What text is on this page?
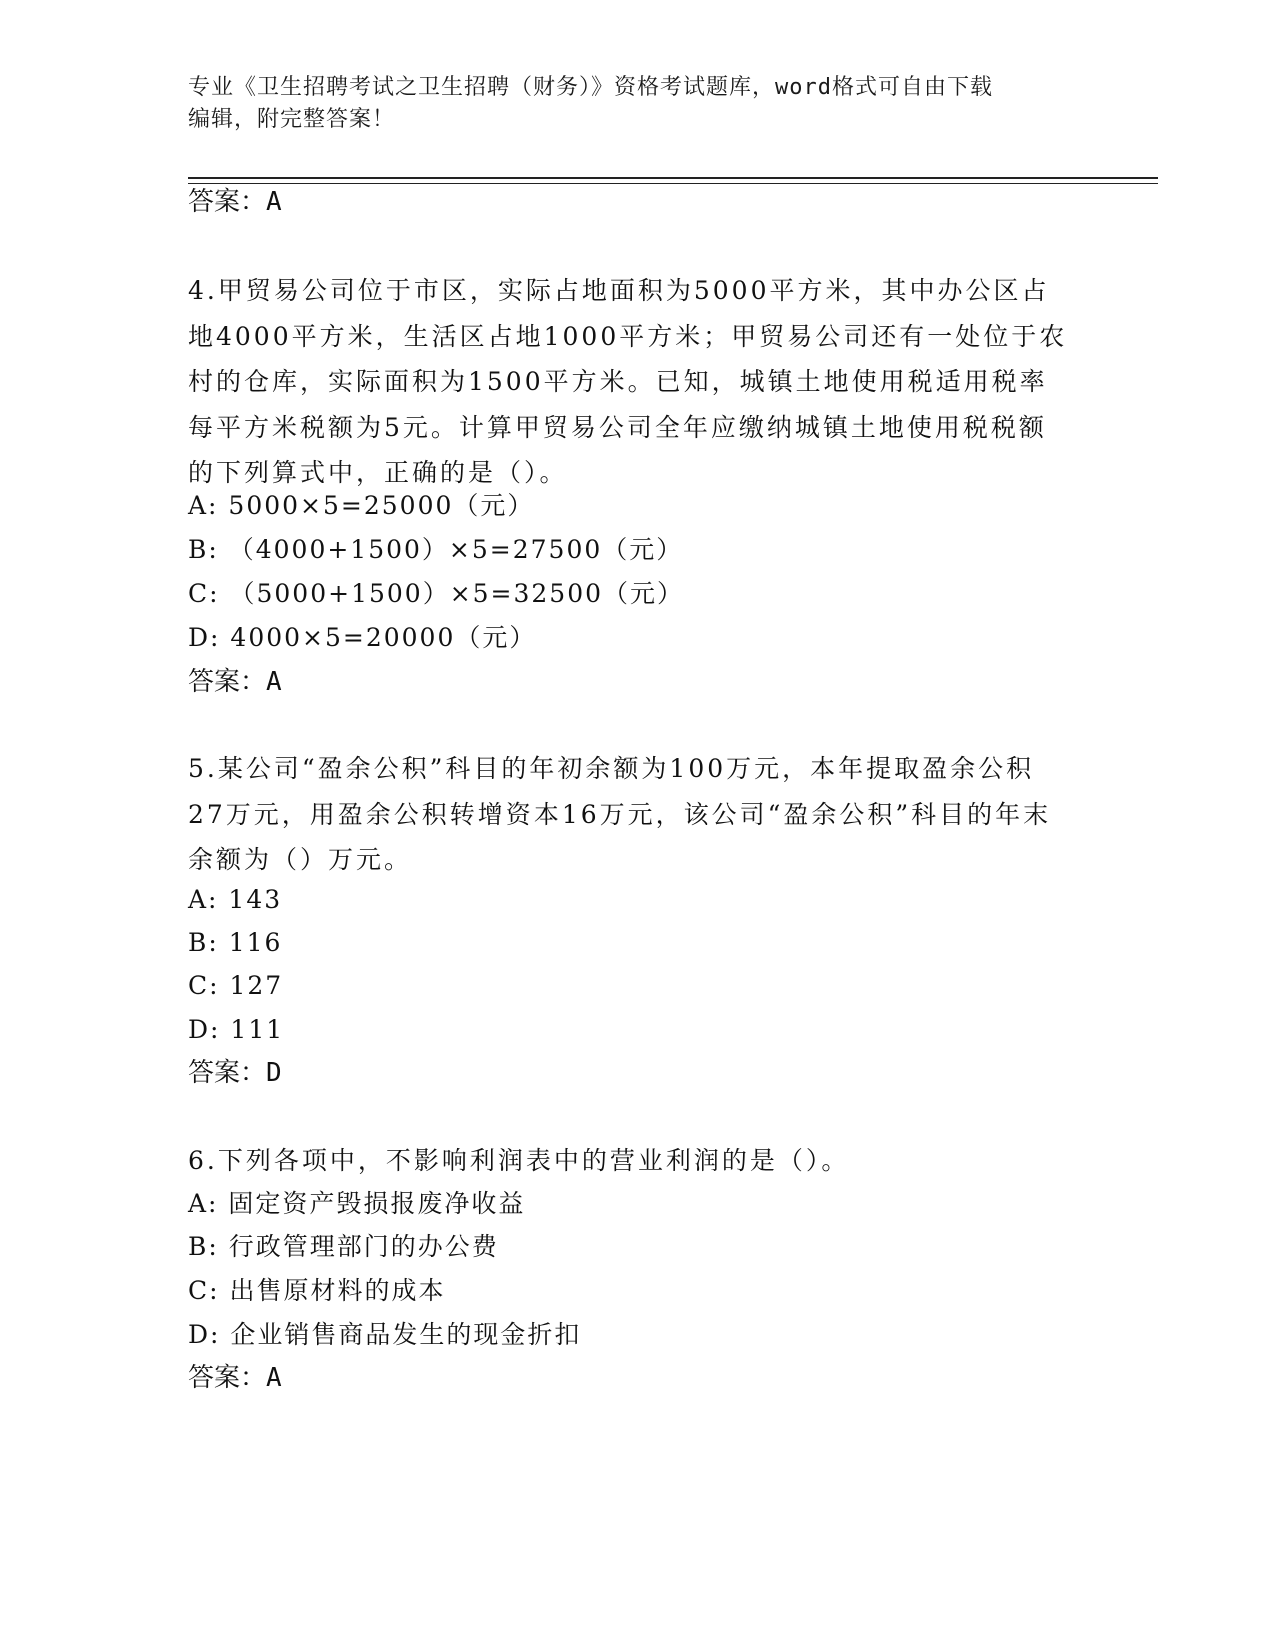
专业《卫生招聘考试之卫生招聘（财务）》资格考试题库，word格式可自由下载
编辑，附完整答案！
答案：A
4.甲贸易公司位于市区，实际占地面积为5000平方米，其中办公区占地4000平方米，生活区占地1000平方米；甲贸易公司还有一处位于农村的仓库，实际面积为1500平方米。已知，城镇土地使用税适用税率每平方米税额为5元。计算甲贸易公司全年应缴纳城镇土地使用税税额的下列算式中，正确的是（）。
A: 5000×5=25000（元）
B: （4000+1500）×5=27500（元）
C: （5000+1500）×5=32500（元）
D: 4000×5=20000（元）
答案：A
5.某公司“盈余公积”科目的年初余额为100万元，本年提取盈余公积27万元，用盈余公积转增资本16万元，该公司“盈余公积”科目的年末余额为（）万元。
A: 143
B: 116
C: 127
D: 111
答案：D
6.下列各项中，不影响利润表中的营业利润的是（）。
A: 固定资产毁损报废净收益
B: 行政管理部门的办公费
C: 出售原材料的成本
D: 企业销售商品发生的现金折扣
答案：A
